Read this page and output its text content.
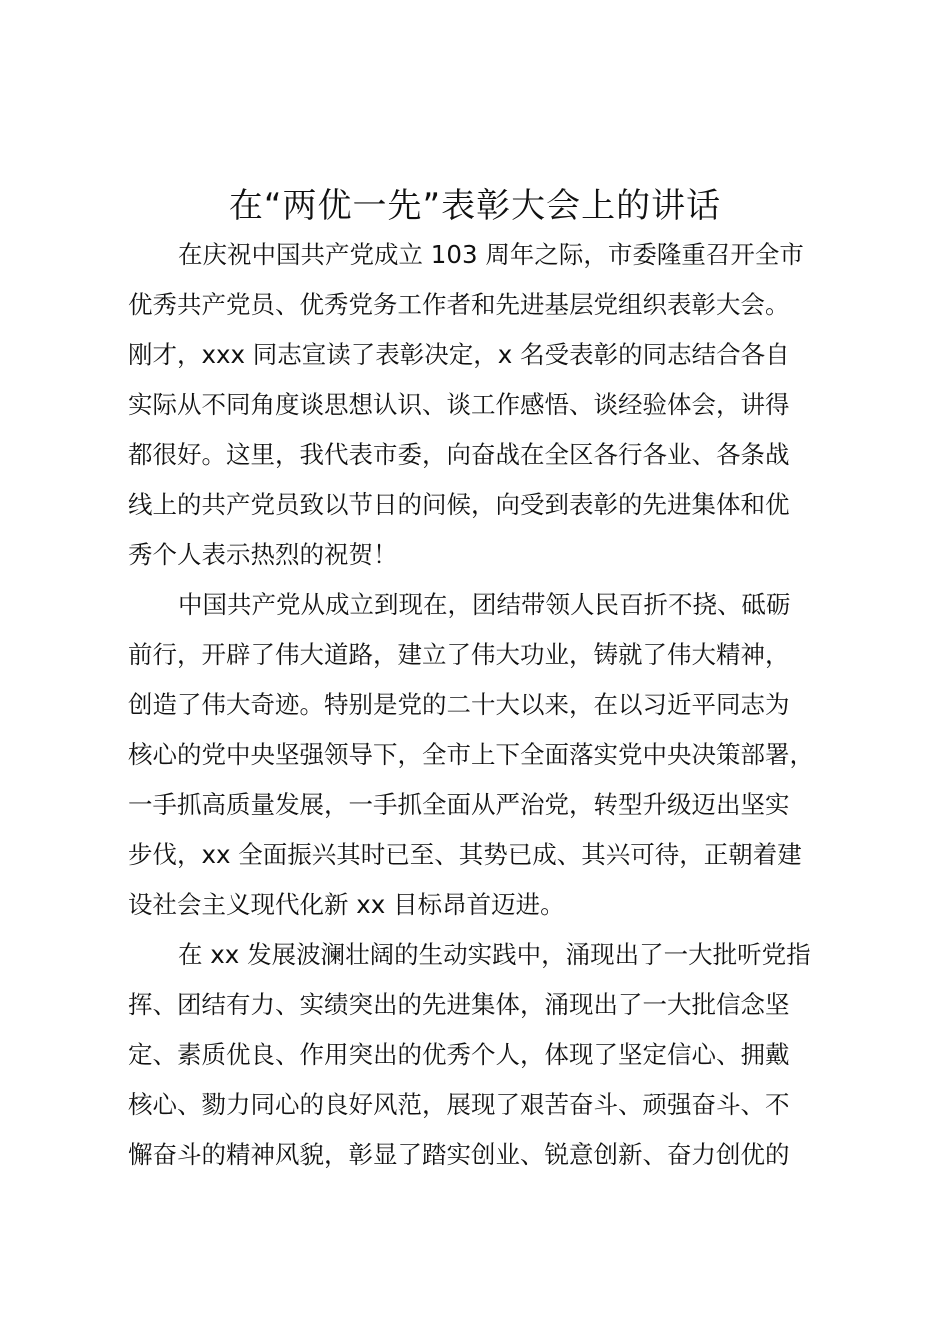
在“两优一先”表彰大会上的讲话
在庆祝中国共产党成立 103 周年之际，市委隆重召开全市
优秀共产党员、优秀党务工作者和先进基层党组织表彰大会。
刚才，xxx 同志宣读了表彰决定，x 名受表彰的同志结合各自
实际从不同角度谈思想认识、谈工作感悟、谈经验体会，讲得
都很好。这里，我代表市委，向奋战在全区各行各业、各条战
线上的共产党员致以节日的问候，向受到表彰的先进集体和优
秀个人表示热烈的祝贺！
中国共产党从成立到现在，团结带领人民百折不挠、砥砺
前行，开辟了伟大道路，建立了伟大功业，铸就了伟大精神，
创造了伟大奇迹。特别是党的二十大以来，在以习近平同志为
核心的党中央坚强领导下，全市上下全面落实党中央决策部署，
一手抓高质量发展，一手抓全面从严治党，转型升级迈出坚实
步伐，xx 全面振兴其时已至、其势已成、其兴可待，正朝着建
设社会主义现代化新 xx 目标昂首迈进。
在 xx 发展波澜壮阔的生动实践中，涌现出了一大批听党指
挥、团结有力、实绩突出的先进集体，涌现出了一大批信念坚
定、素质优良、作用突出的优秀个人，体现了坚定信心、拥戴
核心、勠力同心的良好风范，展现了艰苦奋斗、顽强奋斗、不
懈奋斗的精神风貌，彰显了踏实创业、锐意创新、奋力创优的
